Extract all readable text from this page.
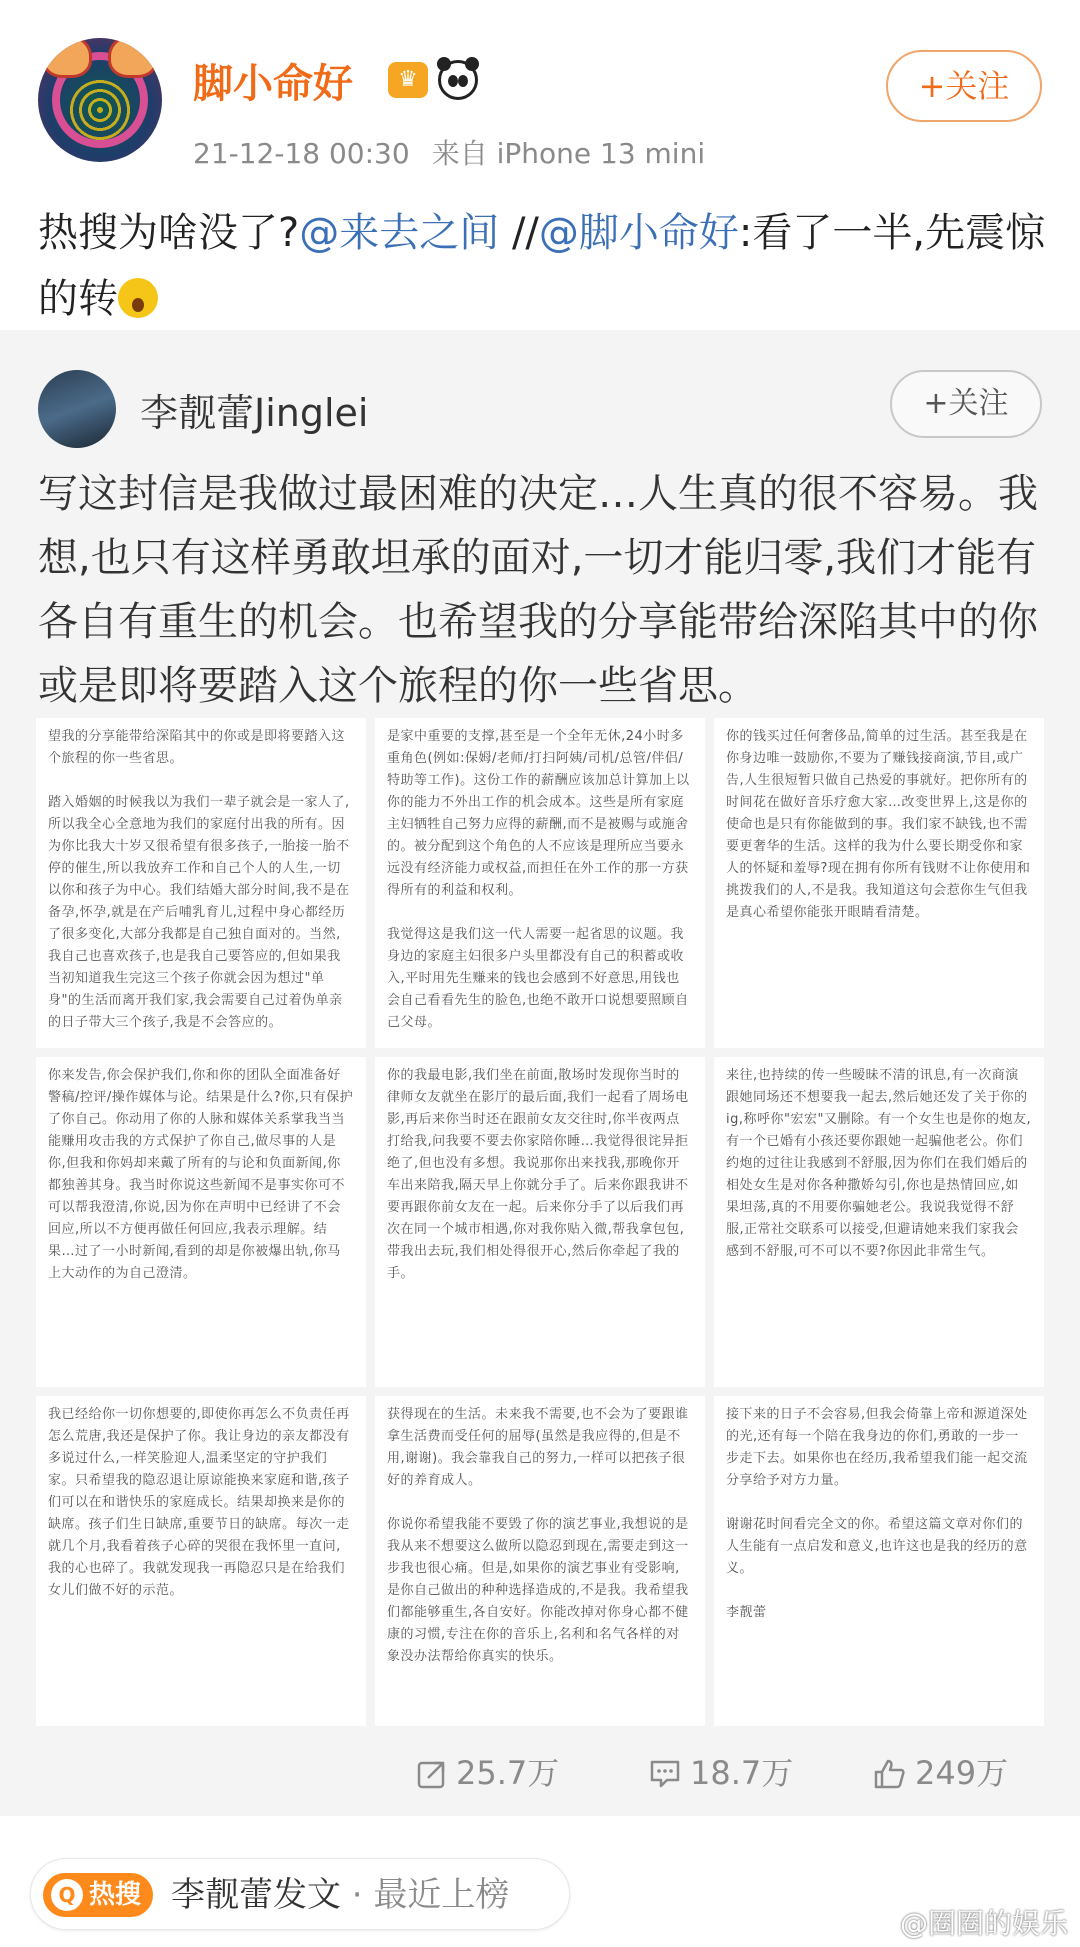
脚小命好	♛
21-12-18 00:30 来自 iPhone 13 mini
+关注
热搜为啥没了?@来去之间 //@脚小命好:看了一半,先震惊的转
李靓蕾Jinglei	+关注
写这封信是我做过最困难的决定…人生真的很不容易。我想,也只有这样勇敢坦承的面对,一切才能归零,我们才能有各自有重生的机会。也希望我的分享能带给深陷其中的你或是即将要踏入这个旅程的你一些省思。

望我的分享能带给深陷其中的你或是即将要踏入这个旅程的你一些省思。

踏入婚姻的时候我以为我们一辈子就会是一家人了,所以我全心全意地为我们的家庭付出我的所有。因为你比我大十岁又很希望有很多孩子,一胎接一胎不停的催生,所以我放弃工作和自己个人的人生,一切以你和孩子为中心。我们结婚大部分时间,我不是在备孕,怀孕,就是在产后哺乳育儿,过程中身心都经历了很多变化,大部分我都是自己独自面对的。当然,我自己也喜欢孩子,也是我自己要答应的,但如果我当初知道我生完这三个孩子你就会因为想过"单身"的生活而离开我们家,我会需要自己过着伪单亲的日子带大三个孩子,我是不会答应的。

是家中重要的支撑,甚至是一个全年无休,24小时多重角色(例如:保姆/老师/打扫阿姨/司机/总管/伴侣/特助等工作)。这份工作的薪酬应该加总计算加上以你的能力不外出工作的机会成本。这些是所有家庭主妇牺牲自己努力应得的薪酬,而不是被赐与或施舍的。被分配到这个角色的人不应该是理所应当要永远没有经济能力或权益,而担任在外工作的那一方获得所有的利益和权利。

我觉得这是我们这一代人需要一起省思的议题。我身边的家庭主妇很多户头里都没有自己的积蓄或收入,平时用先生赚来的钱也会感到不好意思,用钱也会自己看看先生的脸色,也绝不敢开口说想要照顾自己父母。

你的钱买过任何奢侈品,简单的过生活。甚至我是在你身边唯一鼓励你,不要为了赚钱接商演,节目,或广告,人生很短暂只做自己热爱的事就好。把你所有的时间花在做好音乐疗愈大家…改变世界上,这是你的使命也是只有你能做到的事。我们家不缺钱,也不需要更奢华的生活。这样的我为什么要长期受你和家人的怀疑和羞辱?现在拥有你所有钱财不让你使用和挑拨我们的人,不是我。我知道这句会惹你生气但我是真心希望你能张开眼睛看清楚。

你来发告,你会保护我们,你和你的团队全面准备好警稿/控评/操作媒体与论。结果是什么?你,只有保护了你自己。你动用了你的人脉和媒体关系掌我当当能赚用攻击我的方式保护了你自己,做尽事的人是你,但我和你妈却来戴了所有的与论和负面新闻,你都独善其身。我当时你说这些新闻不是事实你可不可以帮我澄清,你说,因为你在声明中已经讲了不会回应,所以不方便再做任何回应,我表示理解。结果…过了一小时新闻,看到的却是你被爆出轨,你马上大动作的为自己澄清。

你的我最电影,我们坐在前面,散场时发现你当时的律师女友就坐在影厅的最后面,我们一起看了周场电影,再后来你当时还在跟前女友交往时,你半夜两点打给我,问我要不要去你家陪你睡…我觉得很诧异拒绝了,但也没有多想。我说那你出来找我,那晚你开车出来陪我,隔天早上你就分手了。后来你跟我讲不要再跟你前女友在一起。后来你分手了以后我们再次在同一个城市相遇,你对我你贴入微,帮我拿包包,带我出去玩,我们相处得很开心,然后你牵起了我的手。

来往,也持续的传一些暧昧不清的讯息,有一次商演跟她同场还不想要我一起去,然后她还发了关于你的ig,称呼你"宏宏"又删除。有一个女生也是你的炮友,有一个已婚有小孩还要你跟她一起骗他老公。你们约炮的过往让我感到不舒服,因为你们在我们婚后的相处女生是对你各种撒娇勾引,你也是热情回应,如果坦荡,真的不用要你骗她老公。我说我觉得不舒服,正常社交联系可以接受,但避请她来我们家我会感到不舒服,可不可以不要?你因此非常生气。

我已经给你一切你想要的,即使你再怎么不负责任再怎么荒唐,我还是保护了你。我让身边的亲友都没有多说过什么,一样笑脸迎人,温柔坚定的守护我们家。只希望我的隐忍退让原谅能换来家庭和谐,孩子们可以在和谐快乐的家庭成长。结果却换来是你的缺席。孩子们生日缺席,重要节日的缺席。每次一走就几个月,我看着孩子心碎的哭很在我怀里一直问,我的心也碎了。我就发现我一再隐忍只是在给我们女儿们做不好的示范。

获得现在的生活。未来我不需要,也不会为了要跟谁拿生活费而受任何的屈辱(虽然是我应得的,但是不用,谢谢)。我会靠我自己的努力,一样可以把孩子很好的养育成人。

你说你希望我能不要毁了你的演艺事业,我想说的是我从来不想要这么做所以隐忍到现在,需要走到这一步我也很心痛。但是,如果你的演艺事业有受影响,是你自己做出的种种选择造成的,不是我。我希望我们都能够重生,各自安好。你能改掉对你身心都不健康的习惯,专注在你的音乐上,名利和名气各样的对象没办法帮给你真实的快乐。

接下来的日子不会容易,但我会倚靠上帝和源道深处的光,还有每一个陪在我身边的你们,勇敢的一步一步走下去。如果你也在经历,我希望我们能一起交流分享给予对方力量。

谢谢花时间看完全文的你。希望这篇文章对你们的人生能有一点启发和意义,也许这也是我的经历的意义。

李靓蕾

25.7万	18.7万	249万
Q 热搜 李靓蕾发文 · 最近上榜
@圈圈的娱乐
